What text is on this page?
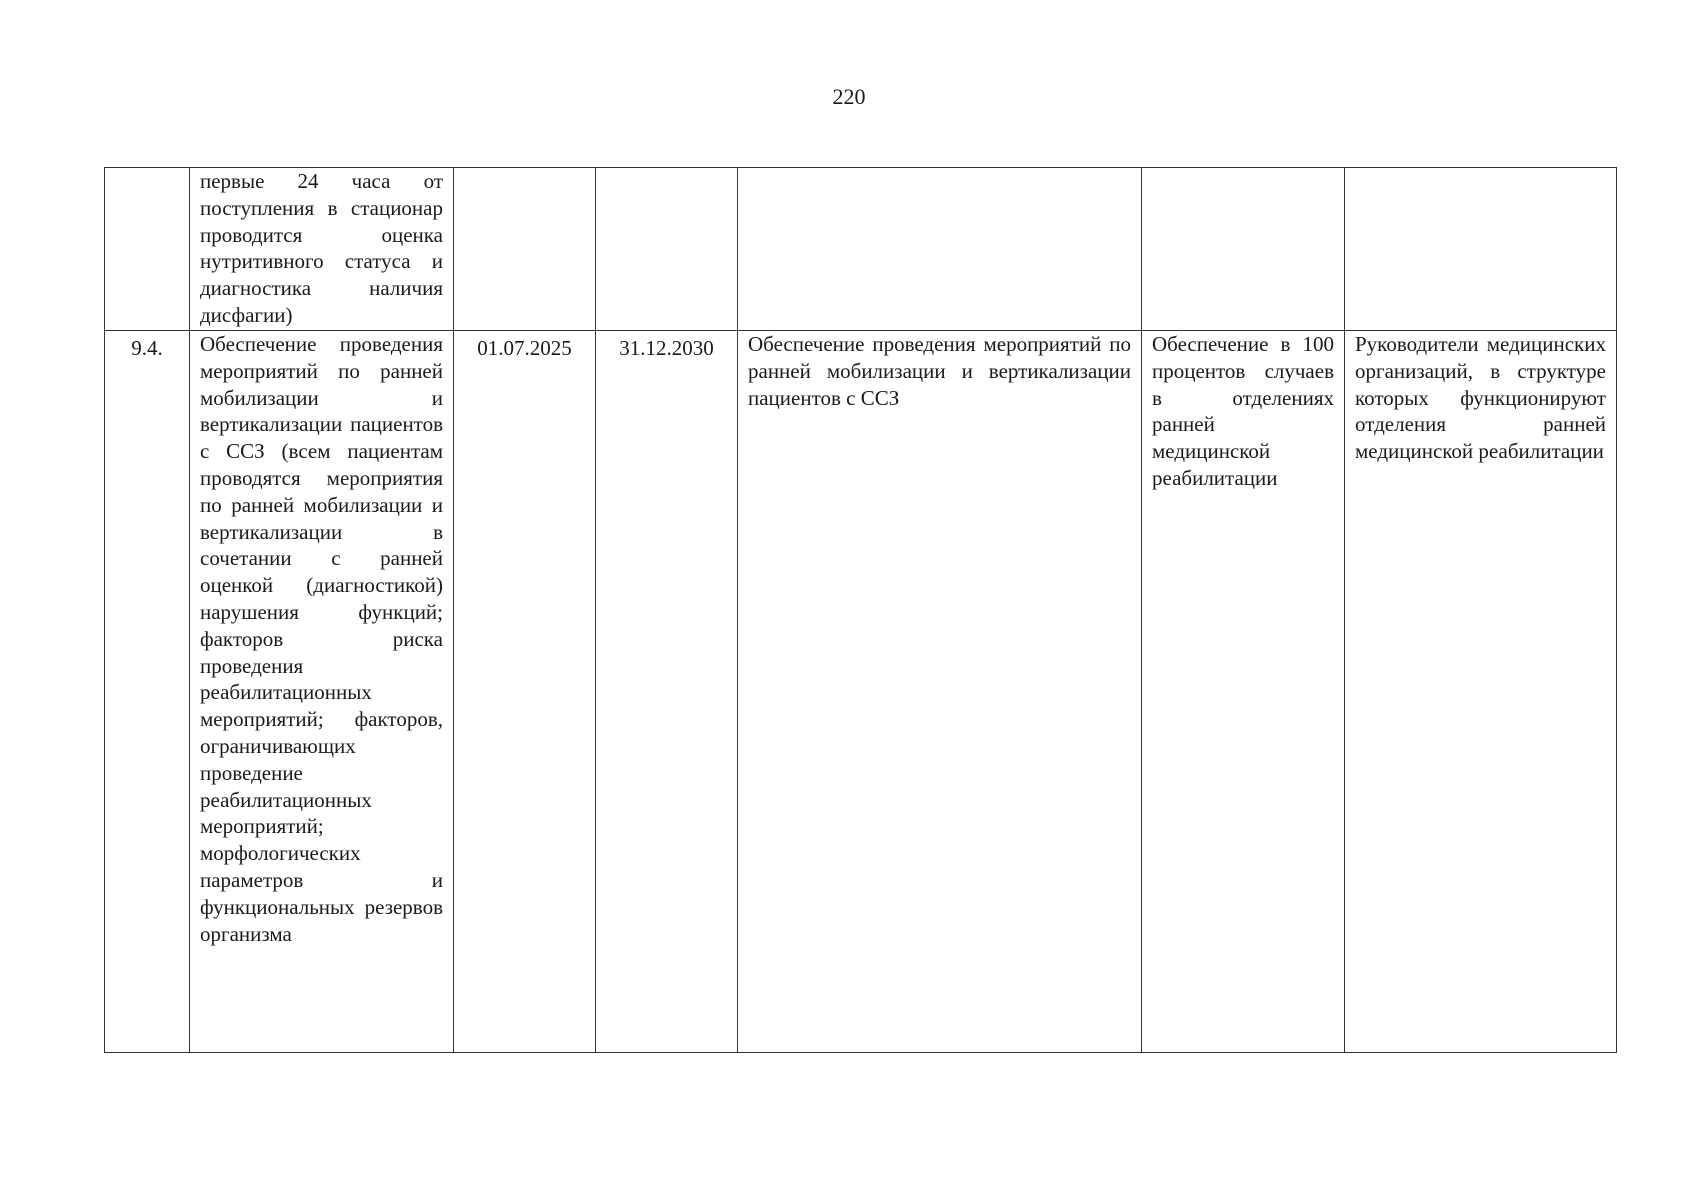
220
	первые 24 часа от поступления в стационар проводится оценка нутритивного статуса и диагностика наличия дисфагии)					
9.4.	Обеспечение проведения мероприятий по ранней мобилизации и вертикализации пациентов с ССЗ (всем пациентам проводятся мероприятия по ранней мобилизации и вертикализации в сочетании с ранней оценкой (диагностикой) нарушения функций; факторов риска проведения реабилитационных мероприятий; факторов, ограничивающих проведение реабилитационных мероприятий; морфологических параметров и функциональных резервов организма	01.07.2025	31.12.2030	Обеспечение проведения мероприятий по ранней мобилизации и вертикализации пациентов с ССЗ	Обеспечение в 100 процентов случаев в отделениях ранней медицинской реабилитации	Руководители медицинских организаций, в структуре которых функционируют отделения ранней медицинской реабилитации
